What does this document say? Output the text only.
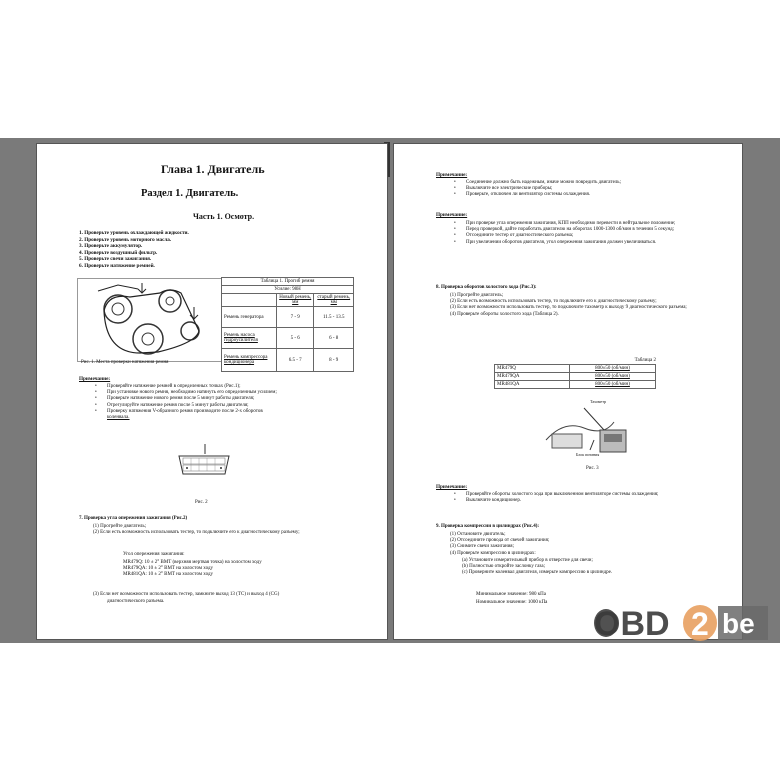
Глава 1. Двигатель
Раздел 1. Двигатель.
Часть 1. Осмотр.
1. Проверьте уровень охлаждающей жидкости.
2. Проверьте уровень моторного масла.
3. Проверьте аккумулятор.
4. Проверьте воздушный фильтр.
5. Проверьте свечи зажигания.
6. Проверьте натяжение ремней.
Рис. 1. Места проверки натяжения ремня
Таблица 1. Прогиб ремня		
Усилие: 98Н		
	Новый ремень, мм	старый ремень, мм
Ремень генератора	7 - 9	11.5 - 13.5
Ремень насоса гидроусилителя	5 - 6	6 - 8
Ремень компрессора кондиционера	6.5 - 7	8 - 9
Примечание:
• Проверяйте натяжение ремней в определенных точках (Рис.1);
• При установке нового ремня, необходимо натянуть его определенным усилием;
• Проверьте натяжение нового ремня после 5 минут работы двигателя;
• Отрегулируйте натяжение ремня после 5 минут работы двигателя;
• Проверку натяжения V-образного ремня производите после 2-х оборотов
коленвала.
Рис. 2
7. Проверка угла опережения зажигания (Рис.2)
(1) Прогрейте двигатель;
(2) Если есть возможность использовать тестер, то подключите его к диагностическому разъему;
Угол опережения зажигания:
MR479Q: 10 ± 2° BMT (верхняя мертвая точка) на холостом ходу
MR479QA: 10 ± 2° BMT на холостом ходу
MR481QA: 10 ± 2° BMT на холостом ходу
(3) Если нет возможности использовать тестер, замкните выход 13 (ТС) и выход 4 (CG)
диагностического разъема.
Примечание:
• Соединение должно быть надежным, иначе можно повредить двигатель;
• Выключите все электрические приборы;
• Проверьте, отключен ли вентилятор системы охлаждения.
Примечание:
• При проверке угла опережения зажигания, КПП необходимо перевести в нейтральное положение;
• Перед проверкой, дайте поработать двигателю на оборотах 1000-1300 об/мин в течении 5 секунд;
• Отсоедините тестер от диагностического разъема;
• При увеличении оборотов двигателя, угол опережения зажигания должен увеличиваться.
8. Проверка оборотов холостого хода (Рис.3):
(1) Прогрейте двигатель;
(2) Если есть возможность использовать тестер, то подключите его к диагностическому разъему;
(3) Если нет возможности использовать тестер, то подключите тахометр к выходу 9 диагностического разъема;
(4) Проверьте обороты холостого хода (Таблица 2).
Таблица 2
MR479Q	800±50 (об/мин)
MR479QA	800±50 (об/мин)
MR481QA	800±50 (об/мин)
Тахометр
Блок питания
Рис. 3
Примечание:
• Проверяйте обороты холостого хода при выключенном вентиляторе системы охлаждения;
• Выключите кондиционер.
9. Проверка компрессии в цилиндрах (Рис.4):
(1) Остановите двигатель;
(2) Отсоедините провода от свечей зажигания;
(3) Снимите свечи зажигания;
(4) Проверьте компрессию в цилиндрах:
(a) Установите измерительный прибор в отверстие для свечи;
(b) Полностью откройте заслонку газа;
(c) Проверните коленвал двигателя, измерьте компрессию в цилиндре.
Минимальное значение: 980 кПа
Номинальное значение: 1000 кПа
OBD 2 be
